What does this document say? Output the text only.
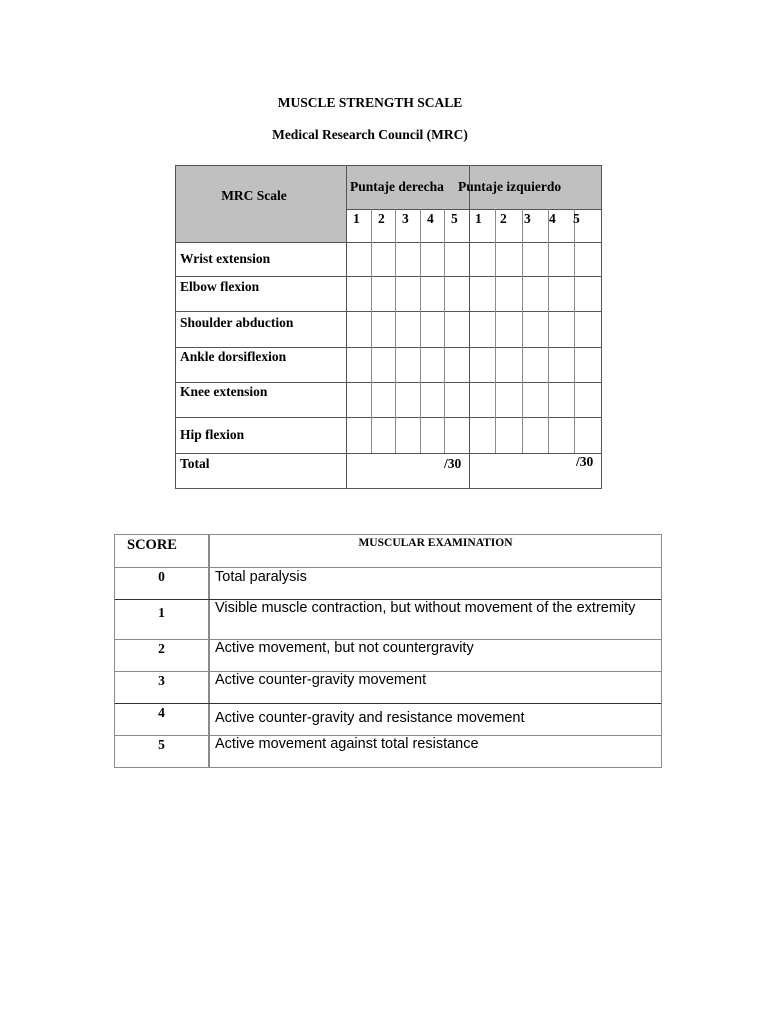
MUSCLE STRENGTH SCALE
Medical Research Council (MRC)
MRC Scale
Puntaje derecha Puntaje izquierdo
1 2 3 4 5 1 2 3 4 5
Wrist extension
Elbow flexion
Shoulder abduction
Ankle dorsiflexion
Knee extension
Hip flexion
Total	/30	/30
SCORE	MUSCULAR EXAMINATION
0	Total paralysis
1	Visible muscle contraction, but without movement of the extremity
2	Active movement, but not countergravity
3	Active counter-gravity movement
4	Active counter-gravity and resistance movement
5	Active movement against total resistance
